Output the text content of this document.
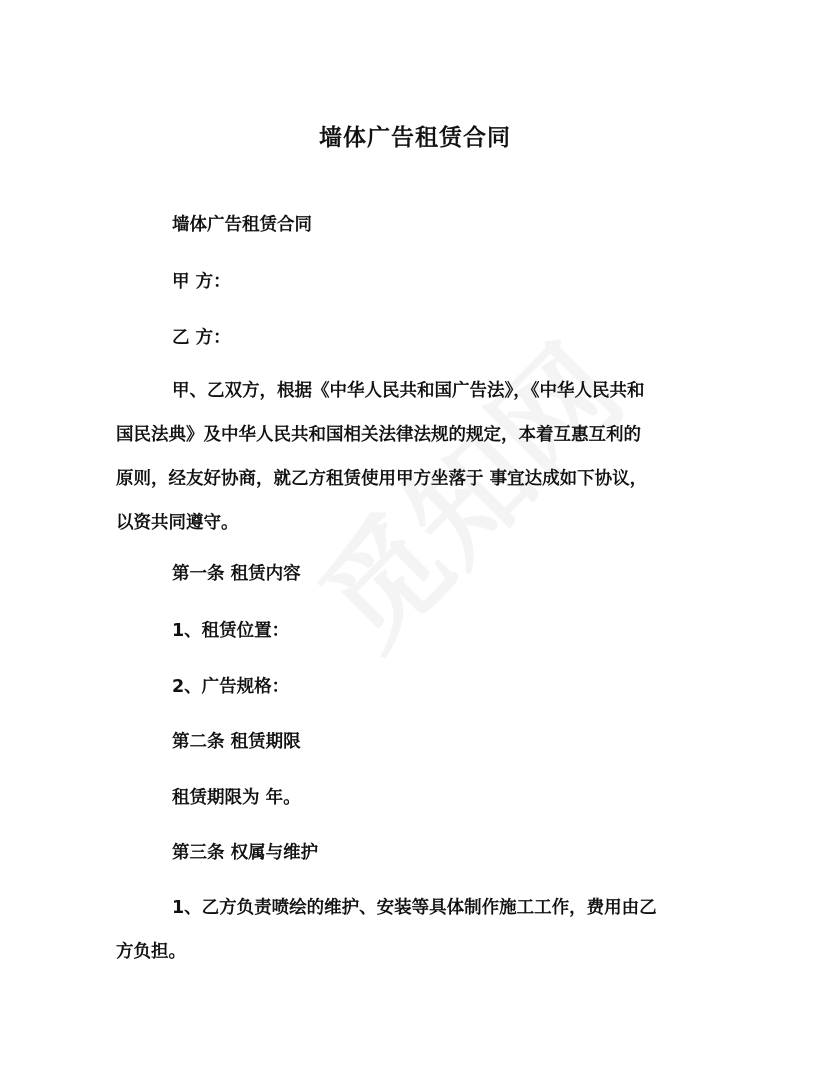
墙体广告租赁合同

墙体广告租赁合同

甲 方：

乙 方：

甲、乙双方，根据《中华人民共和国广告法》，《中华人民共和

国民法典》及中华人民共和国相关法律法规的规定，本着互惠互利的

原则，经友好协商，就乙方租赁使用甲方坐落于 事宜达成如下协议，

以资共同遵守。

第一条 租赁内容

1、租赁位置：

2、广告规格：

第二条 租赁期限

租赁期限为 年。

第三条 权属与维护

1、乙方负责喷绘的维护、安装等具体制作施工工作，费用由乙

方负担。
